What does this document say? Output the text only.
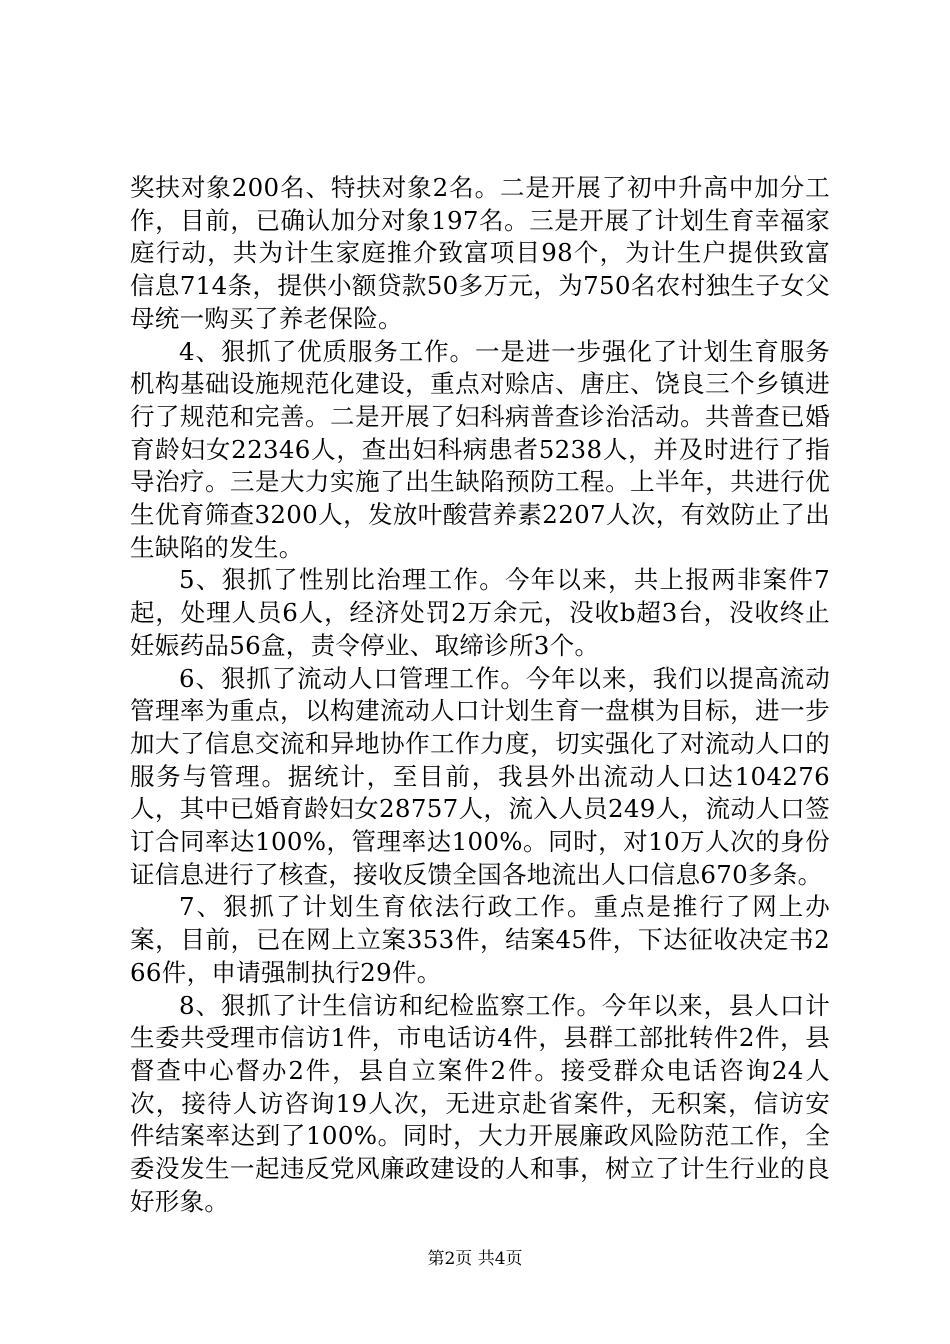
奖扶对象200名、特扶对象2名。二是开展了初中升高中加分工作，目前，已确认加分对象197名。三是开展了计划生育幸福家庭行动，共为计生家庭推介致富项目98个，为计生户提供致富信息714条，提供小额贷款50多万元，为750名农村独生子女父母统一购买了养老保险。

4、狠抓了优质服务工作。一是进一步强化了计划生育服务机构基础设施规范化建设，重点对赊店、唐庄、饶良三个乡镇进行了规范和完善。二是开展了妇科病普查诊治活动。共普查已婚育龄妇女22346人，查出妇科病患者5238人，并及时进行了指导治疗。三是大力实施了出生缺陷预防工程。上半年，共进行优生优育筛查3200人，发放叶酸营养素2207人次，有效防止了出生缺陷的发生。

5、狠抓了性别比治理工作。今年以来，共上报两非案件7起，处理人员6人，经济处罚2万余元，没收b超3台，没收终止妊娠药品56盒，责令停业、取缔诊所3个。

6、狠抓了流动人口管理工作。今年以来，我们以提高流动管理率为重点，以构建流动人口计划生育一盘棋为目标，进一步加大了信息交流和异地协作工作力度，切实强化了对流动人口的服务与管理。据统计，至目前，我县外出流动人口达104276人，其中已婚育龄妇女28757人，流入人员249人，流动人口签订合同率达100%，管理率达100%。同时，对10万人次的身份证信息进行了核查，接收反馈全国各地流出人口信息670多条。

7、狠抓了计划生育依法行政工作。重点是推行了网上办案，目前，已在网上立案353件，结案45件，下达征收决定书266件，申请强制执行29件。

8、狠抓了计生信访和纪检监察工作。今年以来，县人口计生委共受理市信访1件，市电话访4件，县群工部批转件2件，县督查中心督办2件，县自立案件2件。接受群众电话咨询24人次，接待人访咨询19人次，无进京赴省案件，无积案，信访安件结案率达到了100%。同时，大力开展廉政风险防范工作，全委没发生一起违反党风廉政建设的人和事，树立了计生行业的良好形象。

第2页 共4页
